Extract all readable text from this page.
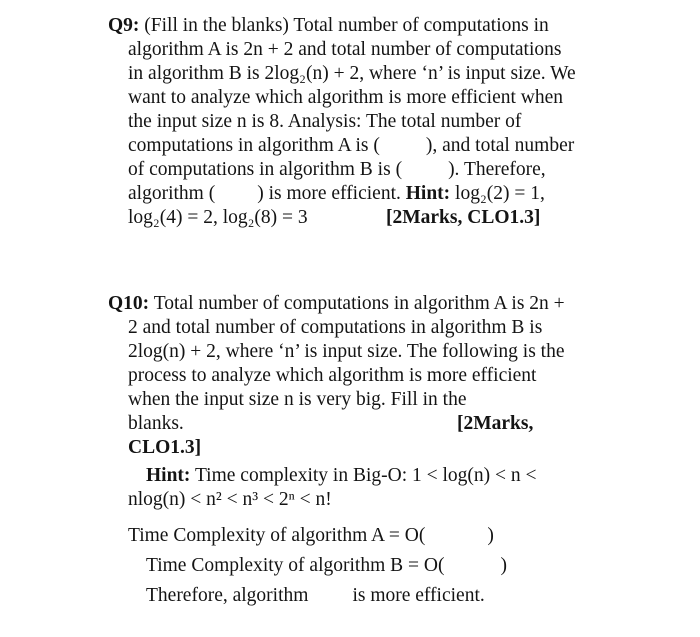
Q9: (Fill in the blanks) Total number of computations in
algorithm A is 2n + 2 and total number of computations
in algorithm B is 2log₂(n) + 2, where ‘n’ is input size. We
want to analyze which algorithm is more efficient when
the input size n is 8. Analysis: The total number of
computations in algorithm A is ( ), and total number
of computations in algorithm B is ( ). Therefore,
algorithm ( ) is more efficient. Hint: log₂(2) = 1,
log₂(4) = 2, log₂(8) = 3	[2Marks, CLO1.3]
Q10: Total number of computations in algorithm A is 2n +
2 and total number of computations in algorithm B is
2log(n) + 2, where ‘n’ is input size. The following is the
process to analyze which algorithm is more efficient
when the input size n is very big. Fill in the
blanks.	[2Marks,
CLO1.3]
Hint: Time complexity in Big-O: 1 < log(n) < n <
nlog(n) < n² < n³ < 2ⁿ < n!
Time Complexity of algorithm A = O(	)
Time Complexity of algorithm B = O(	)
Therefore, algorithm is more efficient.
